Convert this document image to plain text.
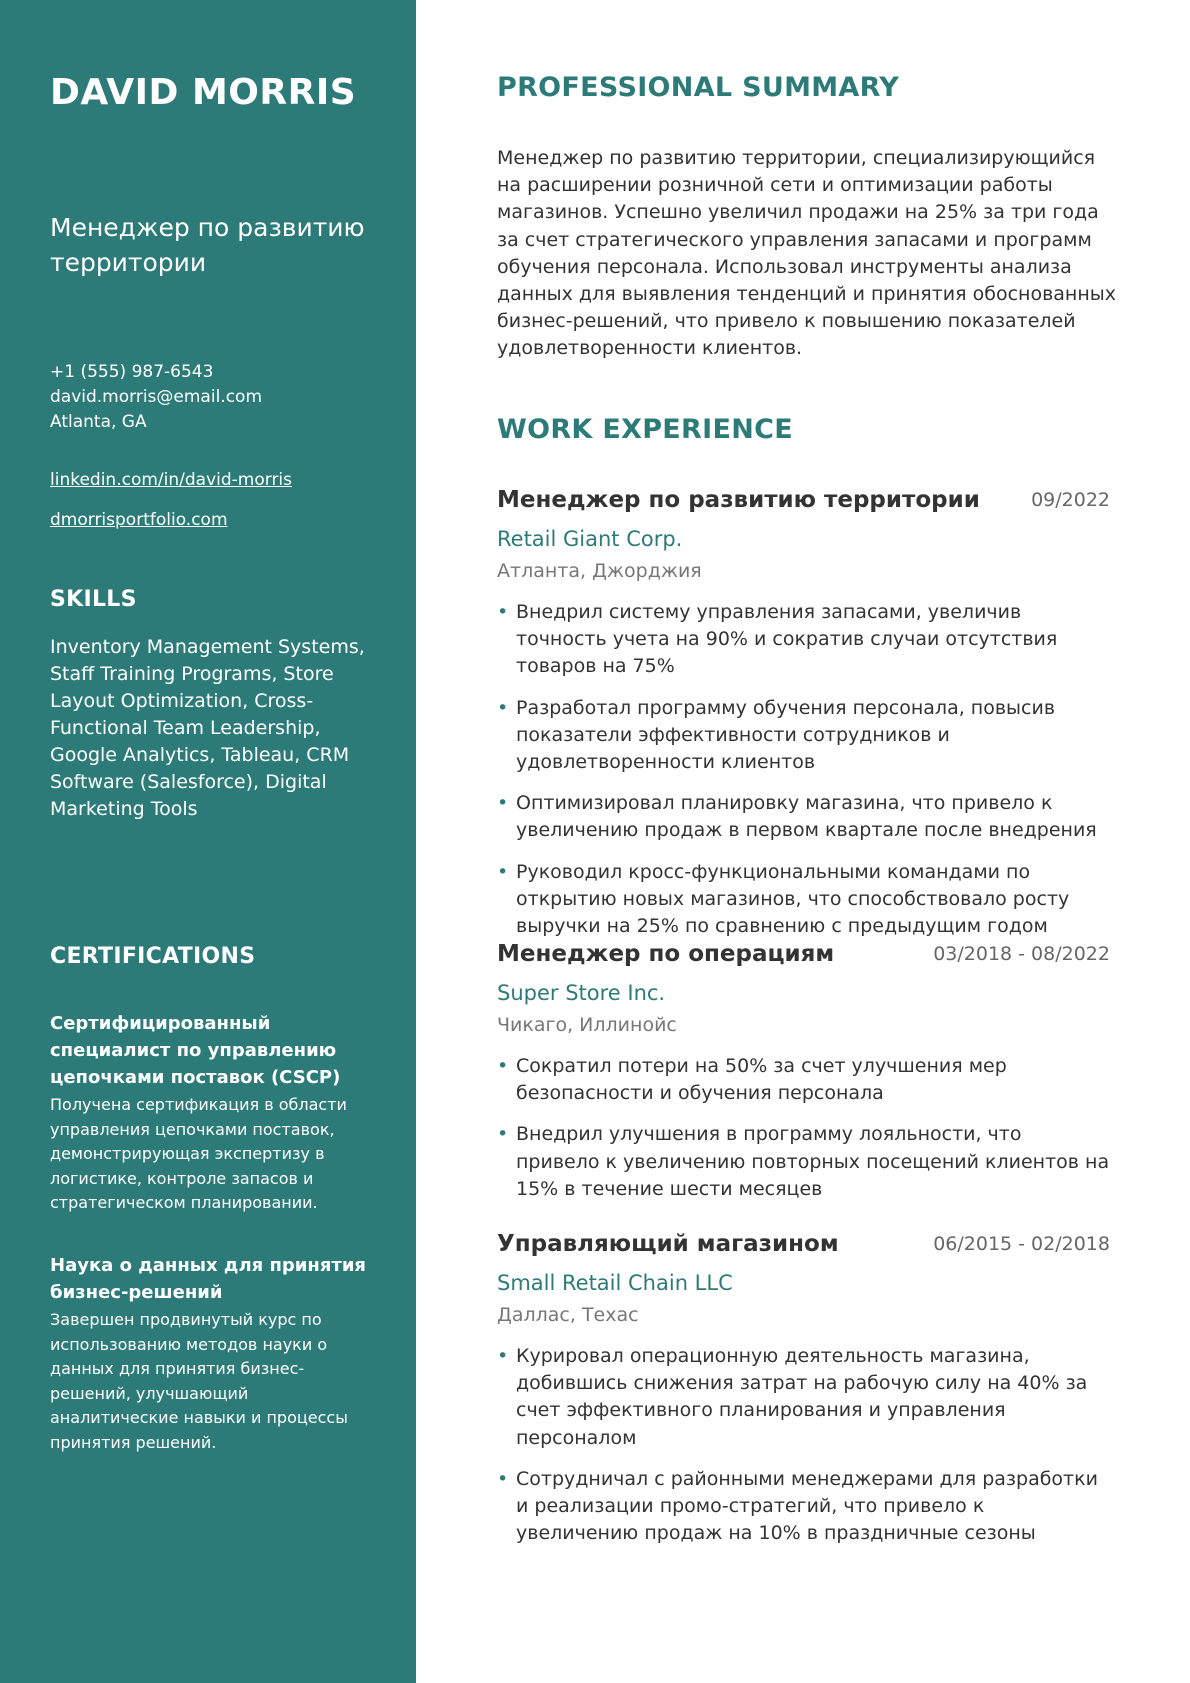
DAVID MORRIS
Менеджер по развитию территории
+1 (555) 987-6543
david.morris@email.com
Atlanta, GA
linkedin.com/in/david-morris
dmorrisportfolio.com
SKILLS
Inventory Management Systems, Staff Training Programs, Store Layout Optimization, Cross-Functional Team Leadership, Google Analytics, Tableau, CRM Software (Salesforce), Digital Marketing Tools
CERTIFICATIONS
Сертифицированный специалист по управлению цепочками поставок (CSCP)
Получена сертификация в области управления цепочками поставок, демонстрирующая экспертизу в логистике, контроле запасов и стратегическом планировании.
Наука о данных для принятия бизнес-решений
Завершен продвинутый курс по использованию методов науки о данных для принятия бизнес-решений, улучшающий аналитические навыки и процессы принятия решений.
PROFESSIONAL SUMMARY
Менеджер по развитию территории, специализирующийся на расширении розничной сети и оптимизации работы магазинов. Успешно увеличил продажи на 25% за три года за счет стратегического управления запасами и программ обучения персонала. Использовал инструменты анализа данных для выявления тенденций и принятия обоснованных бизнес-решений, что привело к повышению показателей удовлетворенности клиентов.
WORK EXPERIENCE
Менеджер по развитию территории	09/2022
Retail Giant Corp.
Атланта, Джорджия
• Внедрил систему управления запасами, увеличив точность учета на 90% и сократив случаи отсутствия товаров на 75%
• Разработал программу обучения персонала, повысив показатели эффективности сотрудников и удовлетворенности клиентов
• Оптимизировал планировку магазина, что привело к увеличению продаж в первом квартале после внедрения
• Руководил кросс-функциональными командами по открытию новых магазинов, что способствовало росту выручки на 25% по сравнению с предыдущим годом
Менеджер по операциям	03/2018 - 08/2022
Super Store Inc.
Чикаго, Иллинойс
• Сократил потери на 50% за счет улучшения мер безопасности и обучения персонала
• Внедрил улучшения в программу лояльности, что привело к увеличению повторных посещений клиентов на 15% в течение шести месяцев
Управляющий магазином	06/2015 - 02/2018
Small Retail Chain LLC
Даллас, Техас
• Курировал операционную деятельность магазина, добившись снижения затрат на рабочую силу на 40% за счет эффективного планирования и управления персоналом
• Сотрудничал с районными менеджерами для разработки и реализации промо-стратегий, что привело к увеличению продаж на 10% в праздничные сезоны
